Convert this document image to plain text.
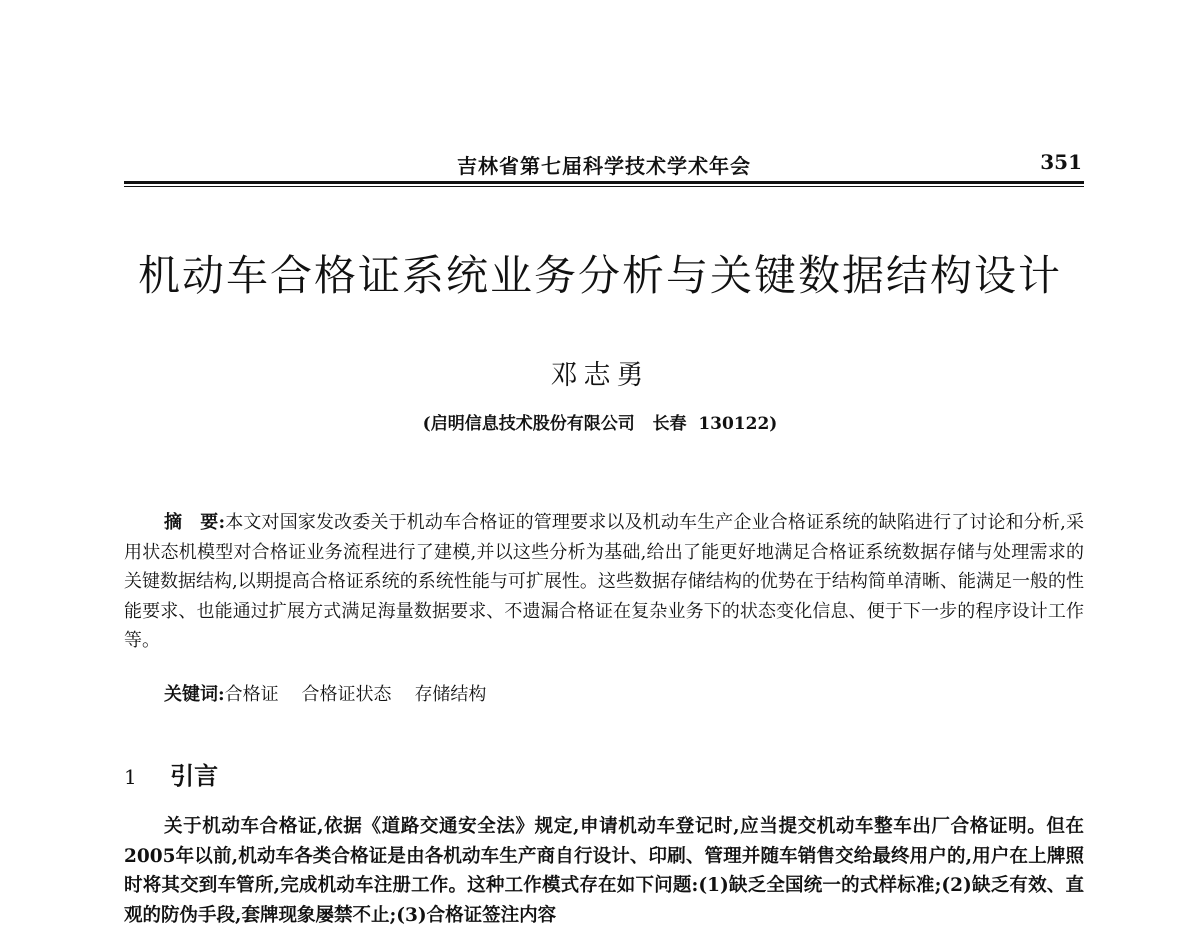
吉林省第七届科学技术学术年会	351
机动车合格证系统业务分析与关键数据结构设计
邓志勇
(启明信息技术股份有限公司 长春 130122)

摘　要:本文对国家发改委关于机动车合格证的管理要求以及机动车生产企业合格证系统的缺陷进行了讨论和分析,采用状态机模型对合格证业务流程进行了建模,并以这些分析为基础,给出了能更好地满足合格证系统数据存储与处理需求的关键数据结构,以期提高合格证系统的系统性能与可扩展性。这些数据存储结构的优势在于结构简单清晰、能满足一般的性能要求、也能通过扩展方式满足海量数据要求、不遗漏合格证在复杂业务下的状态变化信息、便于下一步的程序设计工作等。

关键词:合格证 合格证状态 存储结构

1 引言

关于机动车合格证,依据《道路交通安全法》规定,申请机动车登记时,应当提交机动车整车出厂合格证明。但在2005年以前,机动车各类合格证是由各机动车生产商自行设计、印刷、管理并随车销售交给最终用户的,用户在上牌照时将其交到车管所,完成机动车注册工作。这种工作模式存在如下问题:(1)缺乏全国统一的式样标准;(2)缺乏有效、直观的防伪手段,套牌现象屡禁不止;(3)合格证签注内容
